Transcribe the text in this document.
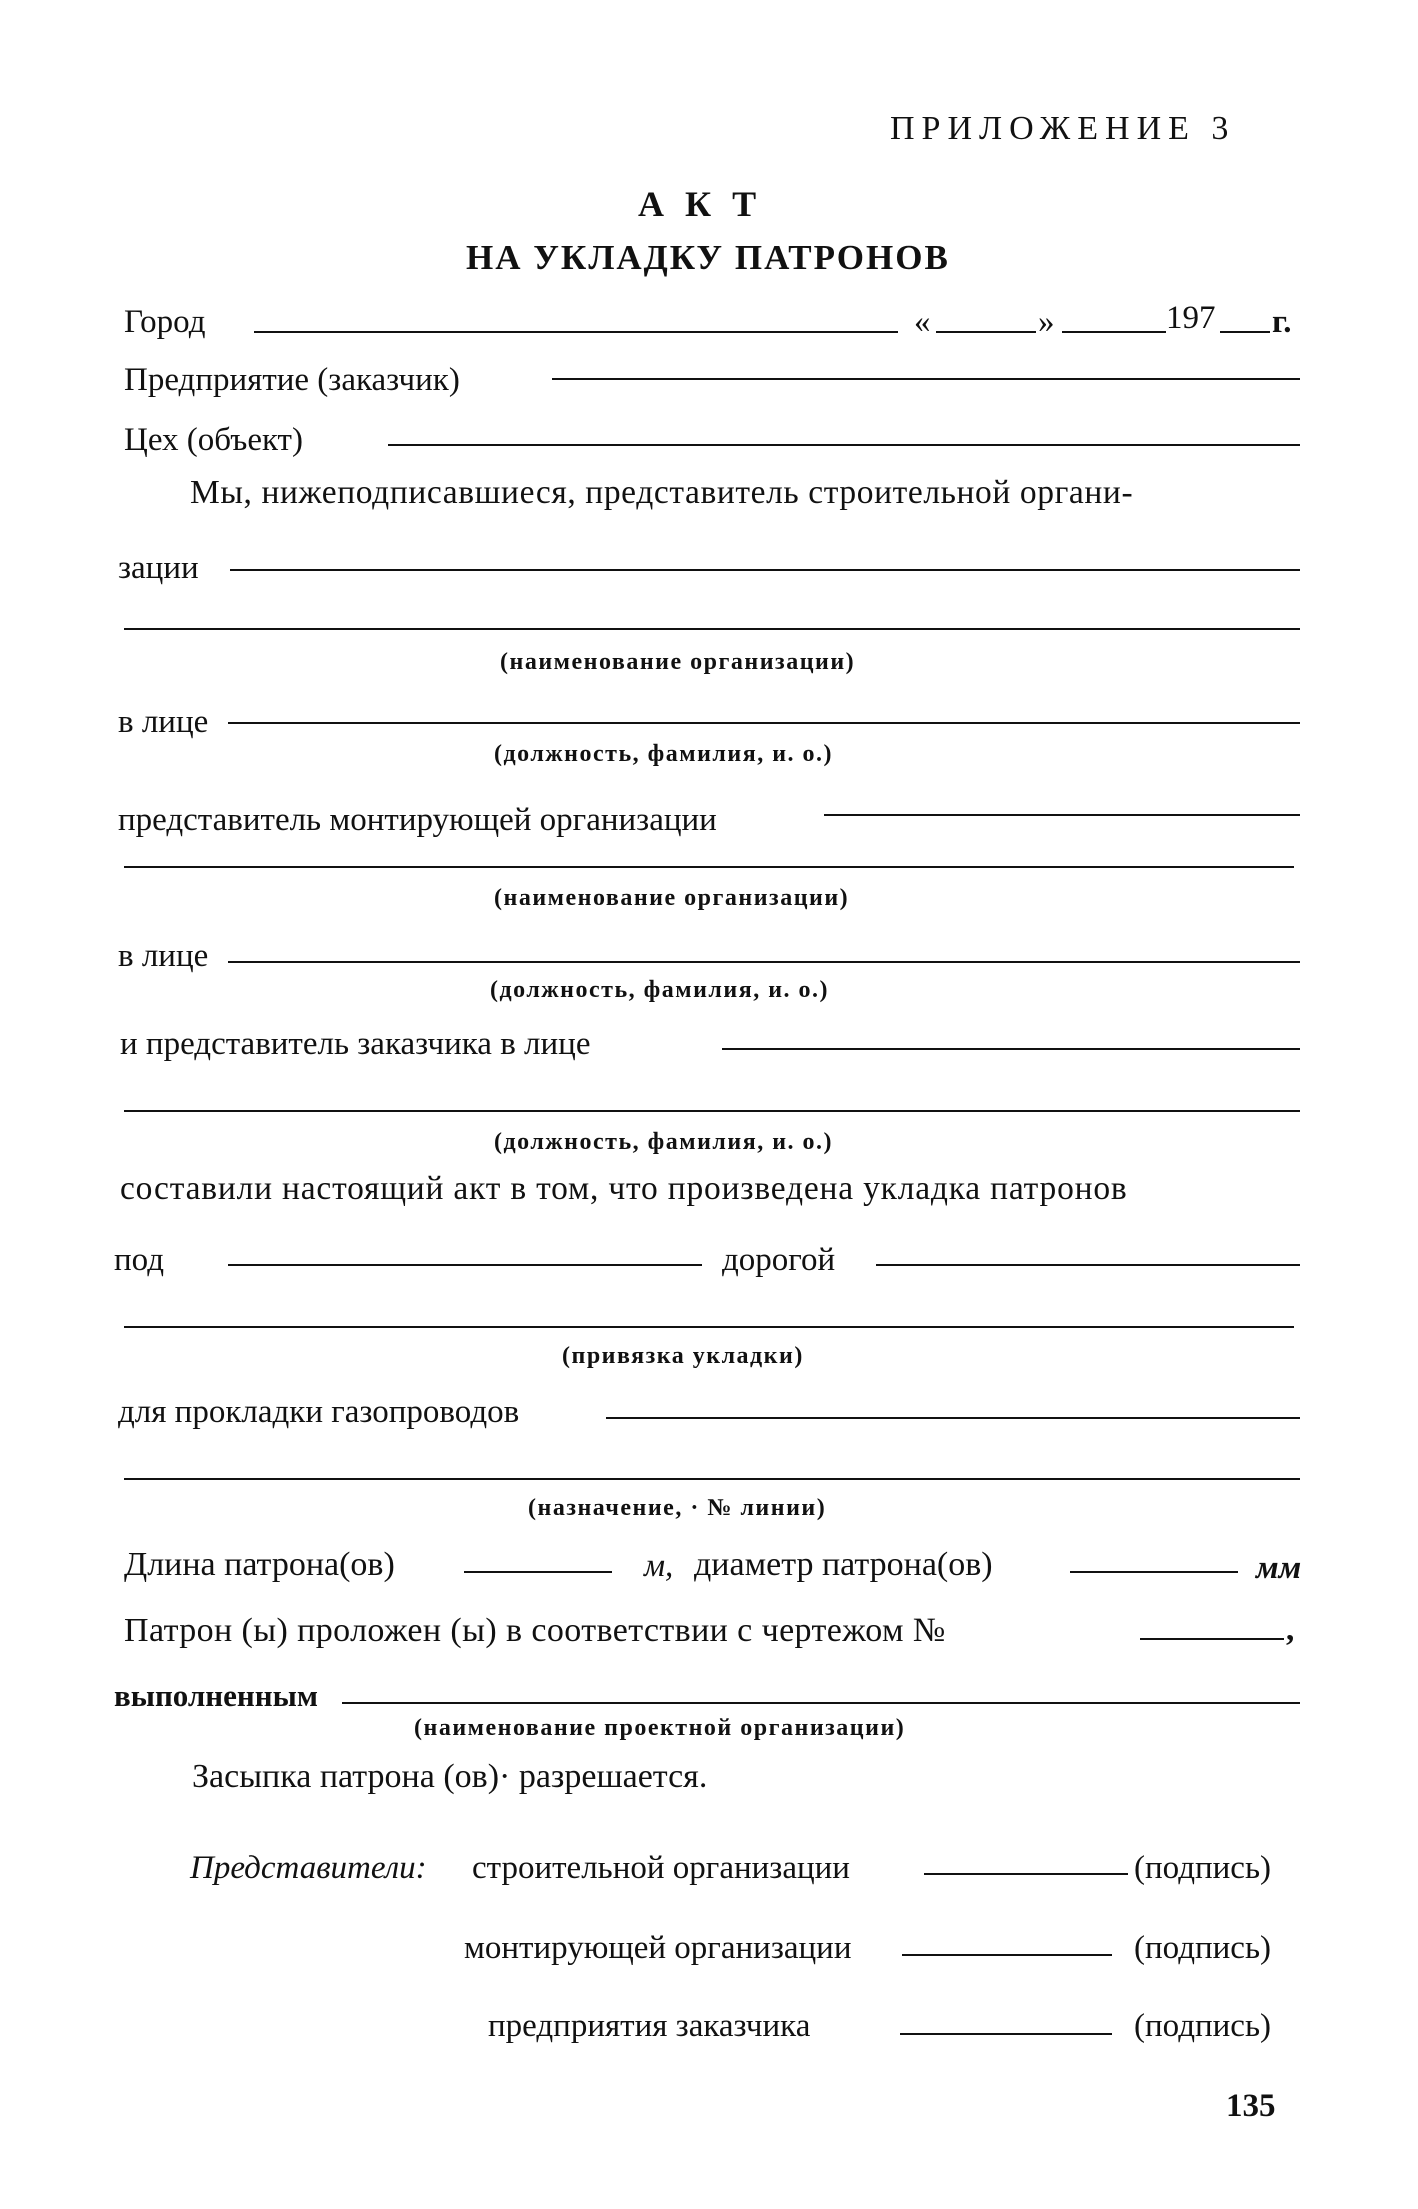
ПРИЛОЖЕНИЕ 3
А К Т
НА УКЛАДКУ ПАТРОНОВ
Город	«	»	197 г.
Предприятие (заказчик)
Цех (объект)
Мы, нижеподписавшиеся, представитель строительной органи-
зации
(наименование организации)
в лице
(должность, фамилия, и. о.)
представитель монтирующей организации
(наименование организации)
в лице
(должность, фамилия, и. о.)
и представитель заказчика в лице
(должность, фамилия, и. о.)
составили настоящий акт в том, что произведена укладка патронов
под	дорогой
(привязка укладки)
для прокладки газопроводов
(назначение, · № линии)
Длина патрона(ов)	м, диаметр патрона(ов)	мм
Патрон (ы) проложен (ы) в соответствии с чертежом №	,
выполненным
(наименование проектной организации)
Засыпка патрона (ов)· разрешается.
Представители: строительной организации	(подпись)
монтирующей организации	(подпись)
предприятия заказчика	(подпись)
135
